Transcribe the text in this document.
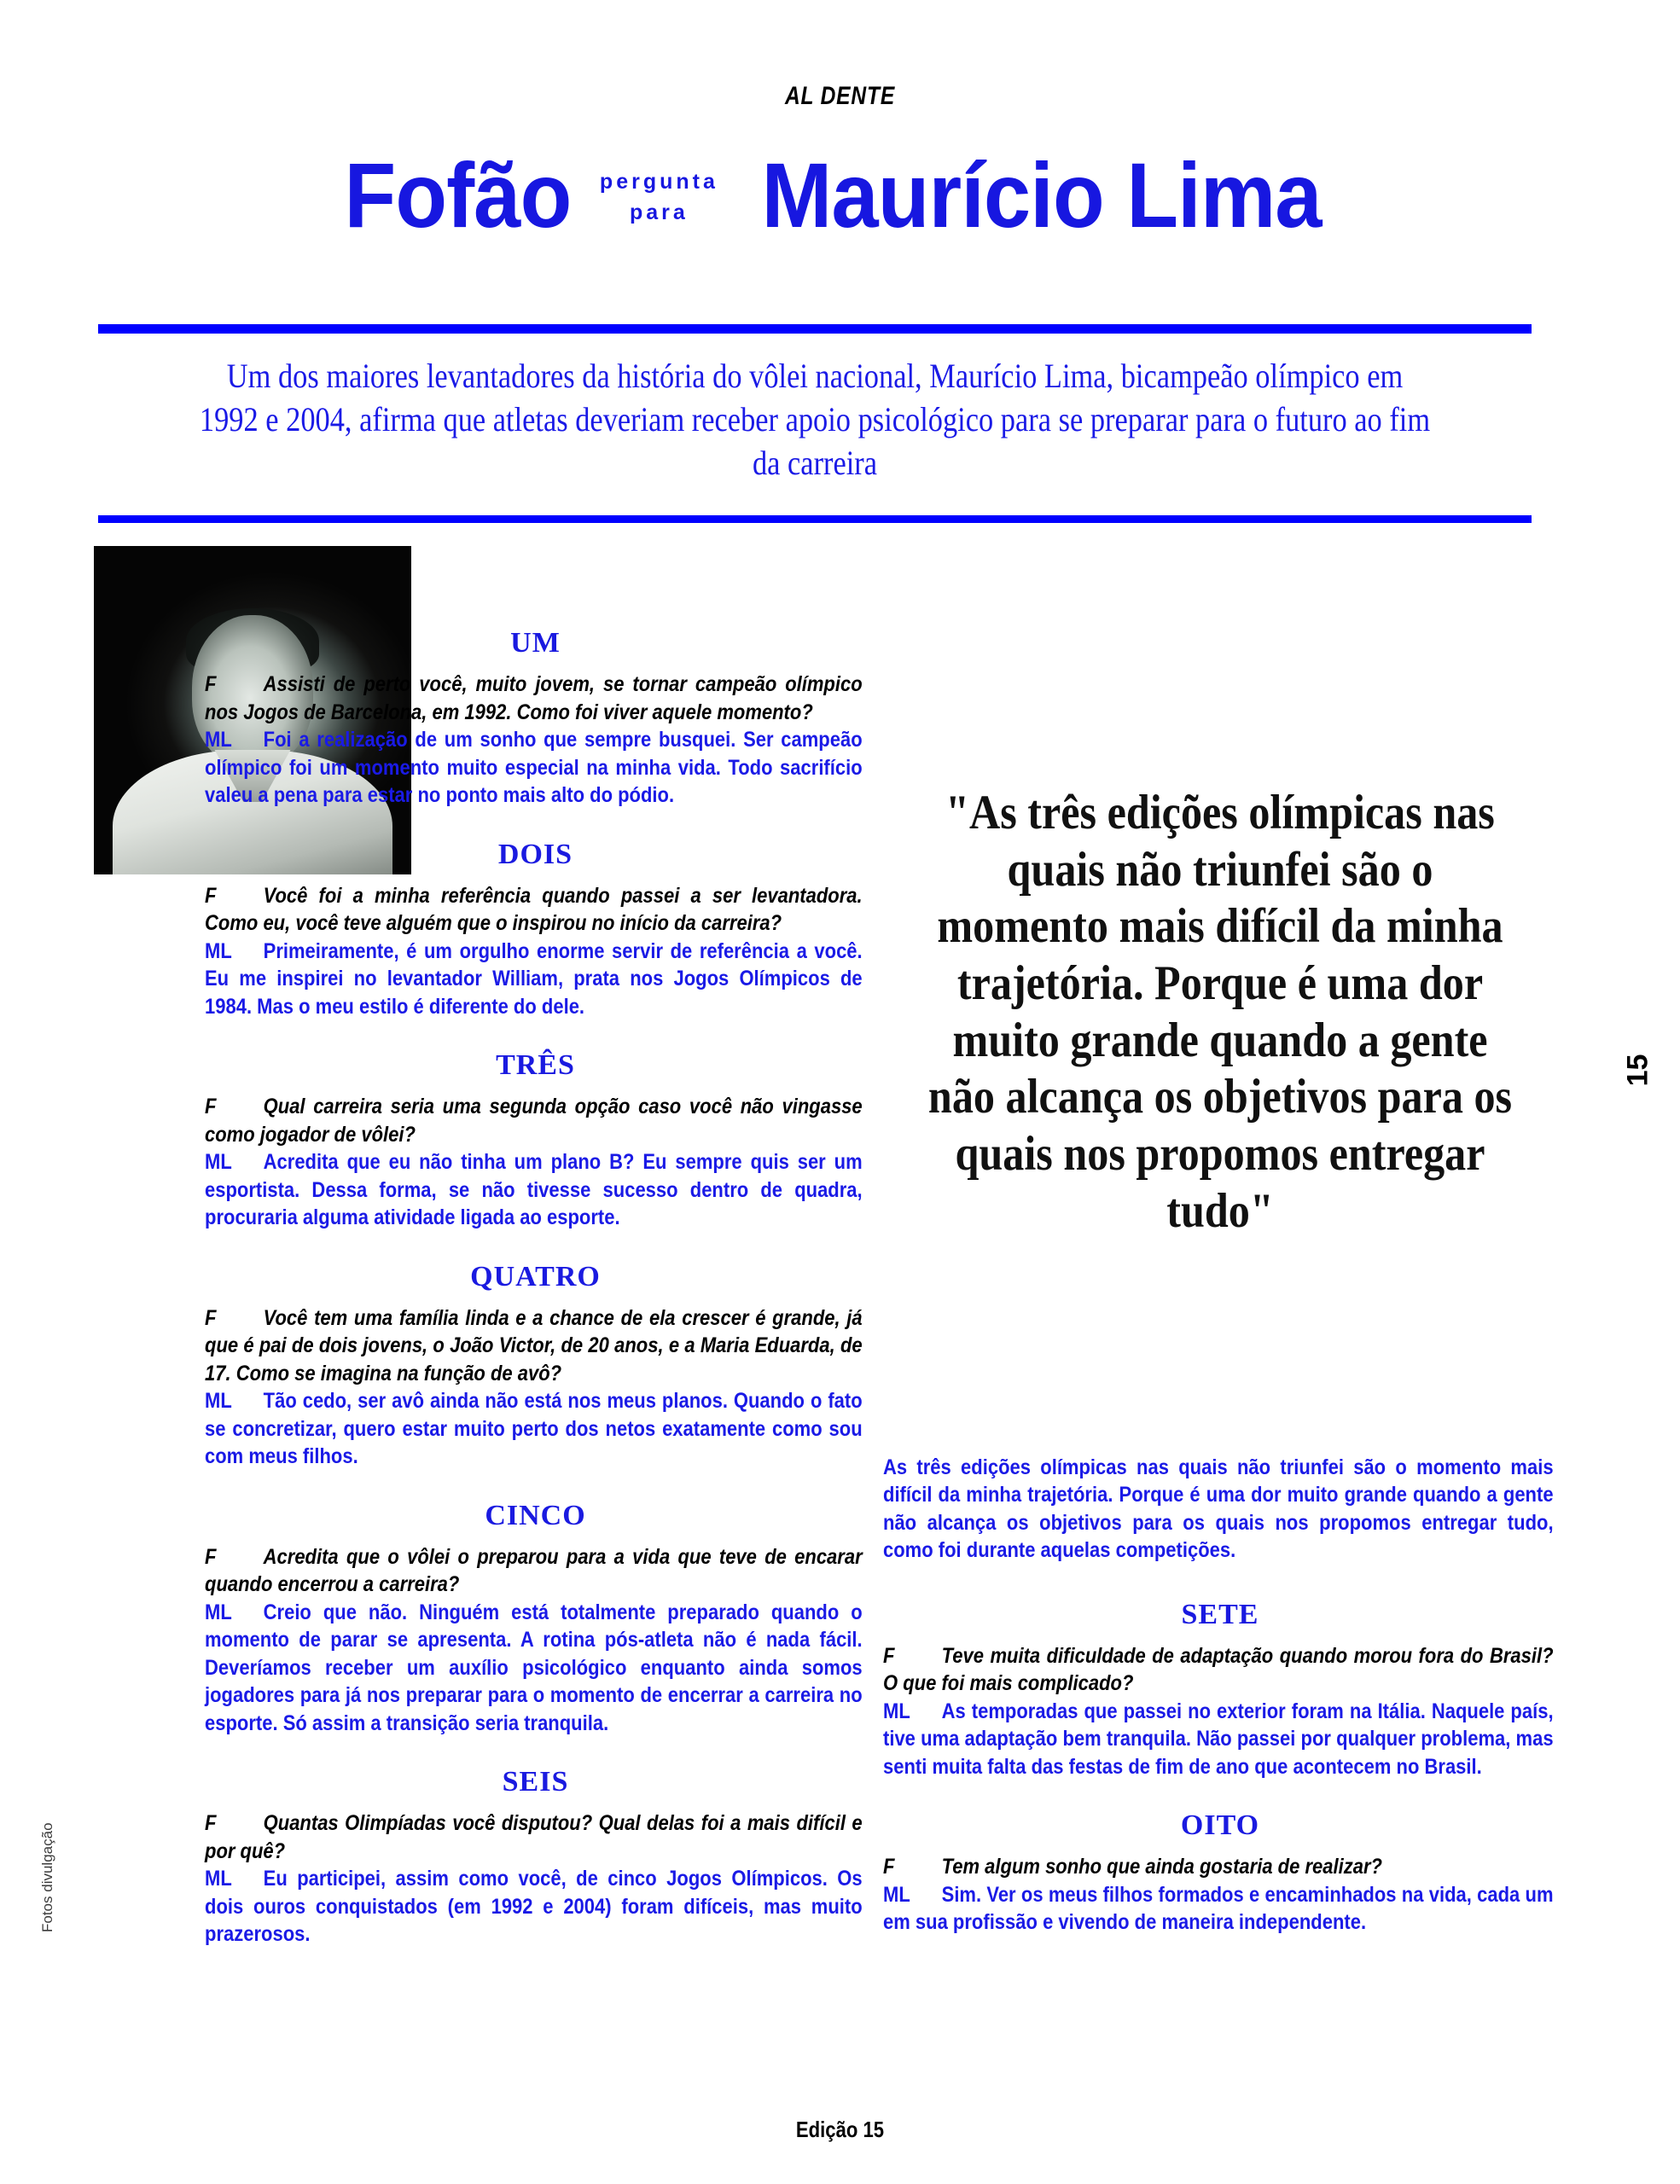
AL DENTE
Fofão pergunta
para Maurício Lima
Um dos maiores levantadores da história do vôlei nacional, Maurício Lima, bicampeão olímpico em 1992 e 2004, afirma que atletas deveriam receber apoio psicológico para se preparar para o futuro ao fim da carreira
Fotos divulgação
UM

F Assisti de perto você, muito jovem, se tornar campeão olímpico nos Jogos de Barcelona, em 1992. Como foi viver aquele momento?

ML Foi a realização de um sonho que sempre busquei. Ser campeão olímpico foi um momento muito especial na minha vida. Todo sacrifício valeu a pena para estar no ponto mais alto do pódio.

DOIS

F Você foi a minha referência quando passei a ser levantadora. Como eu, você teve alguém que o inspirou no início da carreira?

ML Primeiramente, é um orgulho enorme servir de referência a você. Eu me inspirei no levantador William, prata nos Jogos Olímpicos de 1984. Mas o meu estilo é diferente do dele.

TRÊS

F Qual carreira seria uma segunda opção caso você não vingasse como jogador de vôlei?

ML Acredita que eu não tinha um plano B? Eu sempre quis ser um esportista. Dessa forma, se não tivesse sucesso dentro de quadra, procuraria alguma atividade ligada ao esporte.

QUATRO

F Você tem uma família linda e a chance de ela crescer é grande, já que é pai de dois jovens, o João Victor, de 20 anos, e a Maria Eduarda, de 17. Como se imagina na função de avô?

ML Tão cedo, ser avô ainda não está nos meus planos. Quando o fato se concretizar, quero estar muito perto dos netos exatamente como sou com meus filhos.

CINCO

F Acredita que o vôlei o preparou para a vida que teve de encarar quando encerrou a carreira?

ML Creio que não. Ninguém está totalmente preparado quando o momento de parar se apresenta. A rotina pós-atleta não é nada fácil. Deveríamos receber um auxílio psicológico enquanto ainda somos jogadores para já nos preparar para o momento de encerrar a carreira no esporte. Só assim a transição seria tranquila.

SEIS

F Quantas Olimpíadas você disputou? Qual delas foi a mais difícil e por quê?

ML Eu participei, assim como você, de cinco Jogos Olímpicos. Os dois ouros conquistados (em 1992 e 2004) foram difíceis, mas muito prazerosos.

"As três edições olímpicas nas quais não triunfei são o momento mais difícil da minha trajetória. Porque é uma dor muito grande quando a gente não alcança os objetivos para os quais nos propomos entregar tudo"

As três edições olímpicas nas quais não triunfei são o momento mais difícil da minha trajetória. Porque é uma dor muito grande quando a gente não alcança os objetivos para os quais nos propomos entregar tudo, como foi durante aquelas competições.

SETE

F Teve muita dificuldade de adaptação quando morou fora do Brasil? O que foi mais complicado?

ML As temporadas que passei no exterior foram na Itália. Naquele país, tive uma adaptação bem tranquila. Não passei por qualquer problema, mas senti muita falta das festas de fim de ano que acontecem no Brasil.

OITO

F Tem algum sonho que ainda gostaria de realizar?

ML Sim. Ver os meus filhos formados e encaminhados na vida, cada um em sua profissão e vivendo de maneira independente.

15
Edição 15
